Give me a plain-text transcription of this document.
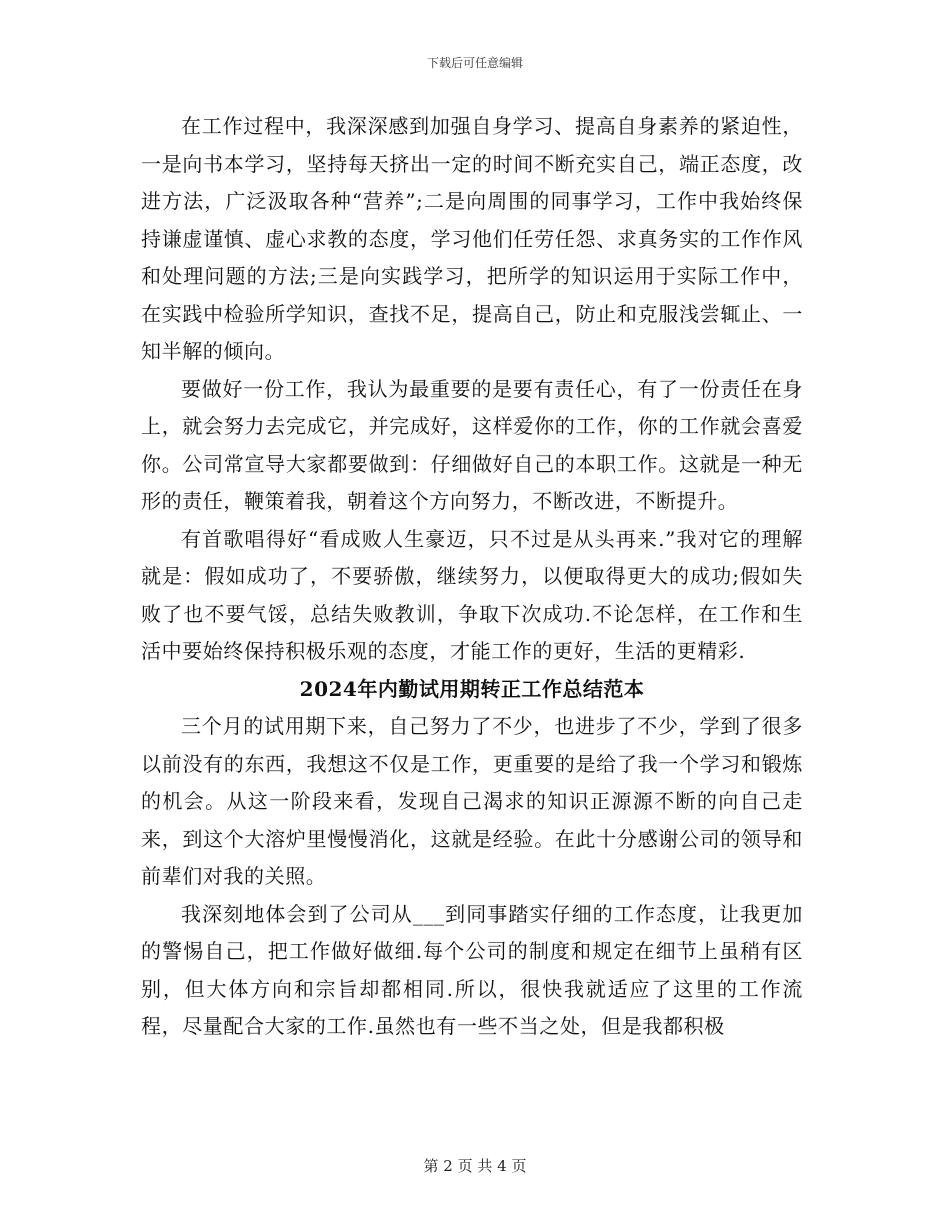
下载后可任意编辑

在工作过程中，我深深感到加强自身学习、提高自身素养的紧迫性，一是向书本学习，坚持每天挤出一定的时间不断充实自己，端正态度，改进方法，广泛汲取各种“营养”;二是向周围的同事学习，工作中我始终保持谦虚谨慎、虚心求教的态度，学习他们任劳任怨、求真务实的工作作风和处理问题的方法;三是向实践学习，把所学的知识运用于实际工作中，在实践中检验所学知识，查找不足，提高自己，防止和克服浅尝辄止、一知半解的倾向。

要做好一份工作，我认为最重要的是要有责任心，有了一份责任在身上，就会努力去完成它，并完成好，这样爱你的工作，你的工作就会喜爱你。公司常宣导大家都要做到：仔细做好自己的本职工作。这就是一种无形的责任，鞭策着我，朝着这个方向努力，不断改进，不断提升。

有首歌唱得好“看成败人生豪迈，只不过是从头再来.”我对它的理解就是：假如成功了，不要骄傲，继续努力，以便取得更大的成功;假如失败了也不要气馁，总结失败教训，争取下次成功.不论怎样，在工作和生活中要始终保持积极乐观的态度，才能工作的更好，生活的更精彩.

2024年内勤试用期转正工作总结范本

三个月的试用期下来，自己努力了不少，也进步了不少，学到了很多以前没有的东西，我想这不仅是工作，更重要的是给了我一个学习和锻炼的机会。从这一阶段来看，发现自己渴求的知识正源源不断的向自己走来，到这个大溶炉里慢慢消化，这就是经验。在此十分感谢公司的领导和前辈们对我的关照。

我深刻地体会到了公司从___到同事踏实仔细的工作态度，让我更加的警惕自己，把工作做好做细.每个公司的制度和规定在细节上虽稍有区别，但大体方向和宗旨却都相同.所以，很快我就适应了这里的工作流程，尽量配合大家的工作.虽然也有一些不当之处，但是我都积极

第 2 页 共 4 页
